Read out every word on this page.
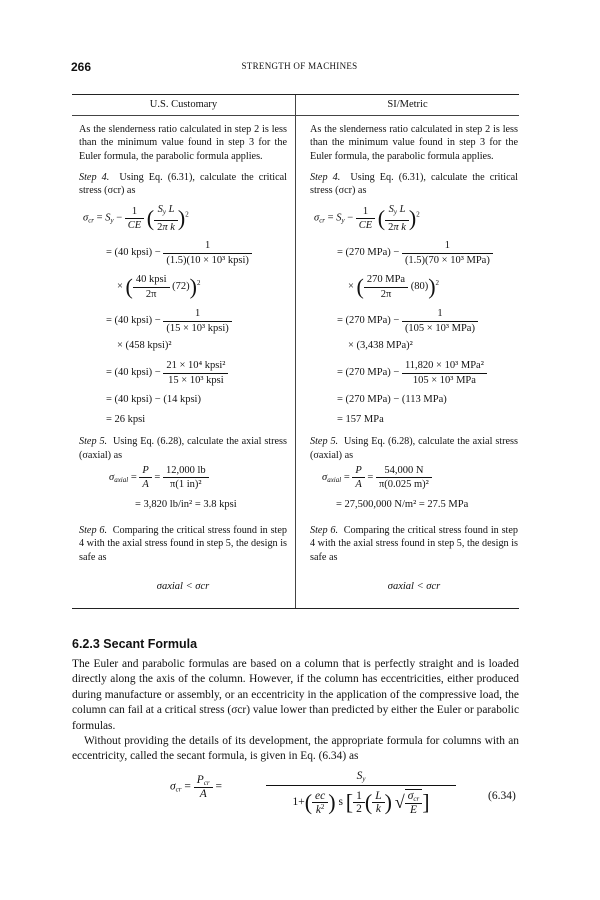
266	STRENGTH OF MACHINES
U.S. Customary	SI/Metric

As the slenderness ratio calculated in step 2 is less than the minimum value found in step 3 for the Euler formula, the parabolic formula applies.

Step 4. Using Eq. (6.31), calculate the critical stress (σcr) as

$\sigma_{cr} = S_y - \frac{1}{CE}$ ( $\frac{S_y L}{\text{2π k}} )^2$
= (40 kpsi) − $\frac{1}{\text{(1.5)(10 × 10³ kpsi)}}$
× ( $\frac{\text{40 kpsi}}{2\pi} (72))^2$
= (40 kpsi) − $\frac{1}{\text{(15 × 10³ kpsi)}}$
× (458 kpsi)²
= (40 kpsi) − $\frac{\text{21 × 10⁴ kpsi²}}{\text{15 × 10³ kpsi}}$
= (40 kpsi) − (14 kpsi)
= 26 kpsi

Step 5. Using Eq. (6.28), calculate the axial stress (σaxial) as

$\sigma_{axial} = \frac{P}{A} = \frac{12,000 lb}{\text{π(1 in)²}}$
= 3,820 lb/in² = 3.8 kpsi

Step 6. Comparing the critical stress found in step 4 with the axial stress found in step 5, the design is safe as

σaxial < σcr

As the slenderness ratio calculated in step 2 is less than the minimum value found in step 3 for the Euler formula, the parabolic formula applies.

Step 4. Using Eq. (6.31), calculate the critical stress (σcr) as

$\sigma_{cr} = S_y - \frac{1}{CE}$ ( $\frac{S_y L}{\text{2π k}} )^2$
= (270 $MPa) - \frac{1}{\text{(1.5)(70 × 10³ MPa)}}$
× ( $\frac{\text{270 MPa}}{2\pi} (80))^2$
= (270 $MPa) - \frac{1}{\text{(105 × 10³ MPa)}}$
× (3,438 MPa)²
= (270 $MPa) - \frac{\text{11,820 × 10³ MPa²}}{\text{105 × 10³ MPa}}$
= (270 MPa) − (113 MPa)
= 157 MPa

Step 5. Using Eq. (6.28), calculate the axial stress (σaxial) as

$\sigma_{axial} = \frac{P}{A} = \frac{54,000 N}{\text{π(0.025 m)²}}$
= 27,500,000 N/m² = 27.5 MPa

Step 6. Comparing the critical stress found in step 4 with the axial stress found in step 5, the design is safe as

σaxial < σcr
6.2.3 Secant Formula

The Euler and parabolic formulas are based on a column that is perfectly straight and is loaded directly along the axis of the column. However, if the column has eccentricities, either produced during manufacture or assembly, or an eccentricity in the application of the compressive load, the column can fail at a critical stress (σcr) value lower than predicted by either the Euler or parabolic formulas.

Without providing the details of its development, the appropriate formula for columns with an eccentricity, called the secant formula, is given in Eq. (6.34) as

$\sigma_{cr} = \frac{P_{cr}}{A}$ =
$S_y$
$1+( \frac{ec}{k^2}$ ) s [ $\frac{1}{2}$ ( $\frac{L}{k}$ ) √ $\frac{\sigma_{cr}}{E}$ ]	(6.34)
